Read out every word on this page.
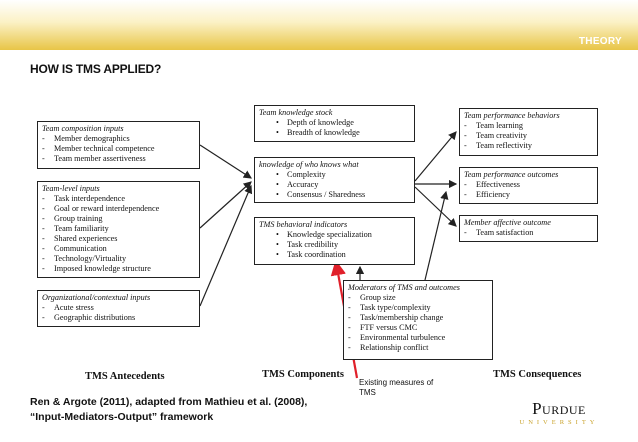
THEORY
HOW IS TMS APPLIED?
Team composition inputs
- Member demographics
- Member technical competence
- Team member assertiveness
Team-level inputs
- Task interdependence
- Goal or reward interdependence
- Group training
- Team familiarity
- Shared experiences
- Communication
- Technology/Virtuality
- Imposed knowledge structure
Organizational/contextual inputs
- Acute stress
- Geographic distributions
Team knowledge stock
• Depth of knowledge
• Breadth of knowledge
knowledge of who knows what
• Complexity
• Accuracy
• Consensus / Sharedness
TMS behavioral indicators
• Knowledge specialization
• Task credibility
• Task coordination
Moderators of TMS and outcomes
- Group size
- Task type/complexity
- Task/membership change
- FTF versus CMC
- Environmental turbulence
- Relationship conflict
Team performance behaviors
- Team learning
- Team creativity
- Team reflectivity
Team performance outcomes
- Effectiveness
- Efficiency
Member affective outcome
- Team satisfaction
TMS Antecedents	TMS Components	TMS Consequences
Existing measures of
TMS
Ren & Argote (2011), adapted from Mathieu et al. (2008),
“Input-Mediators-Output” framework	Purdue
UNIVERSITY
